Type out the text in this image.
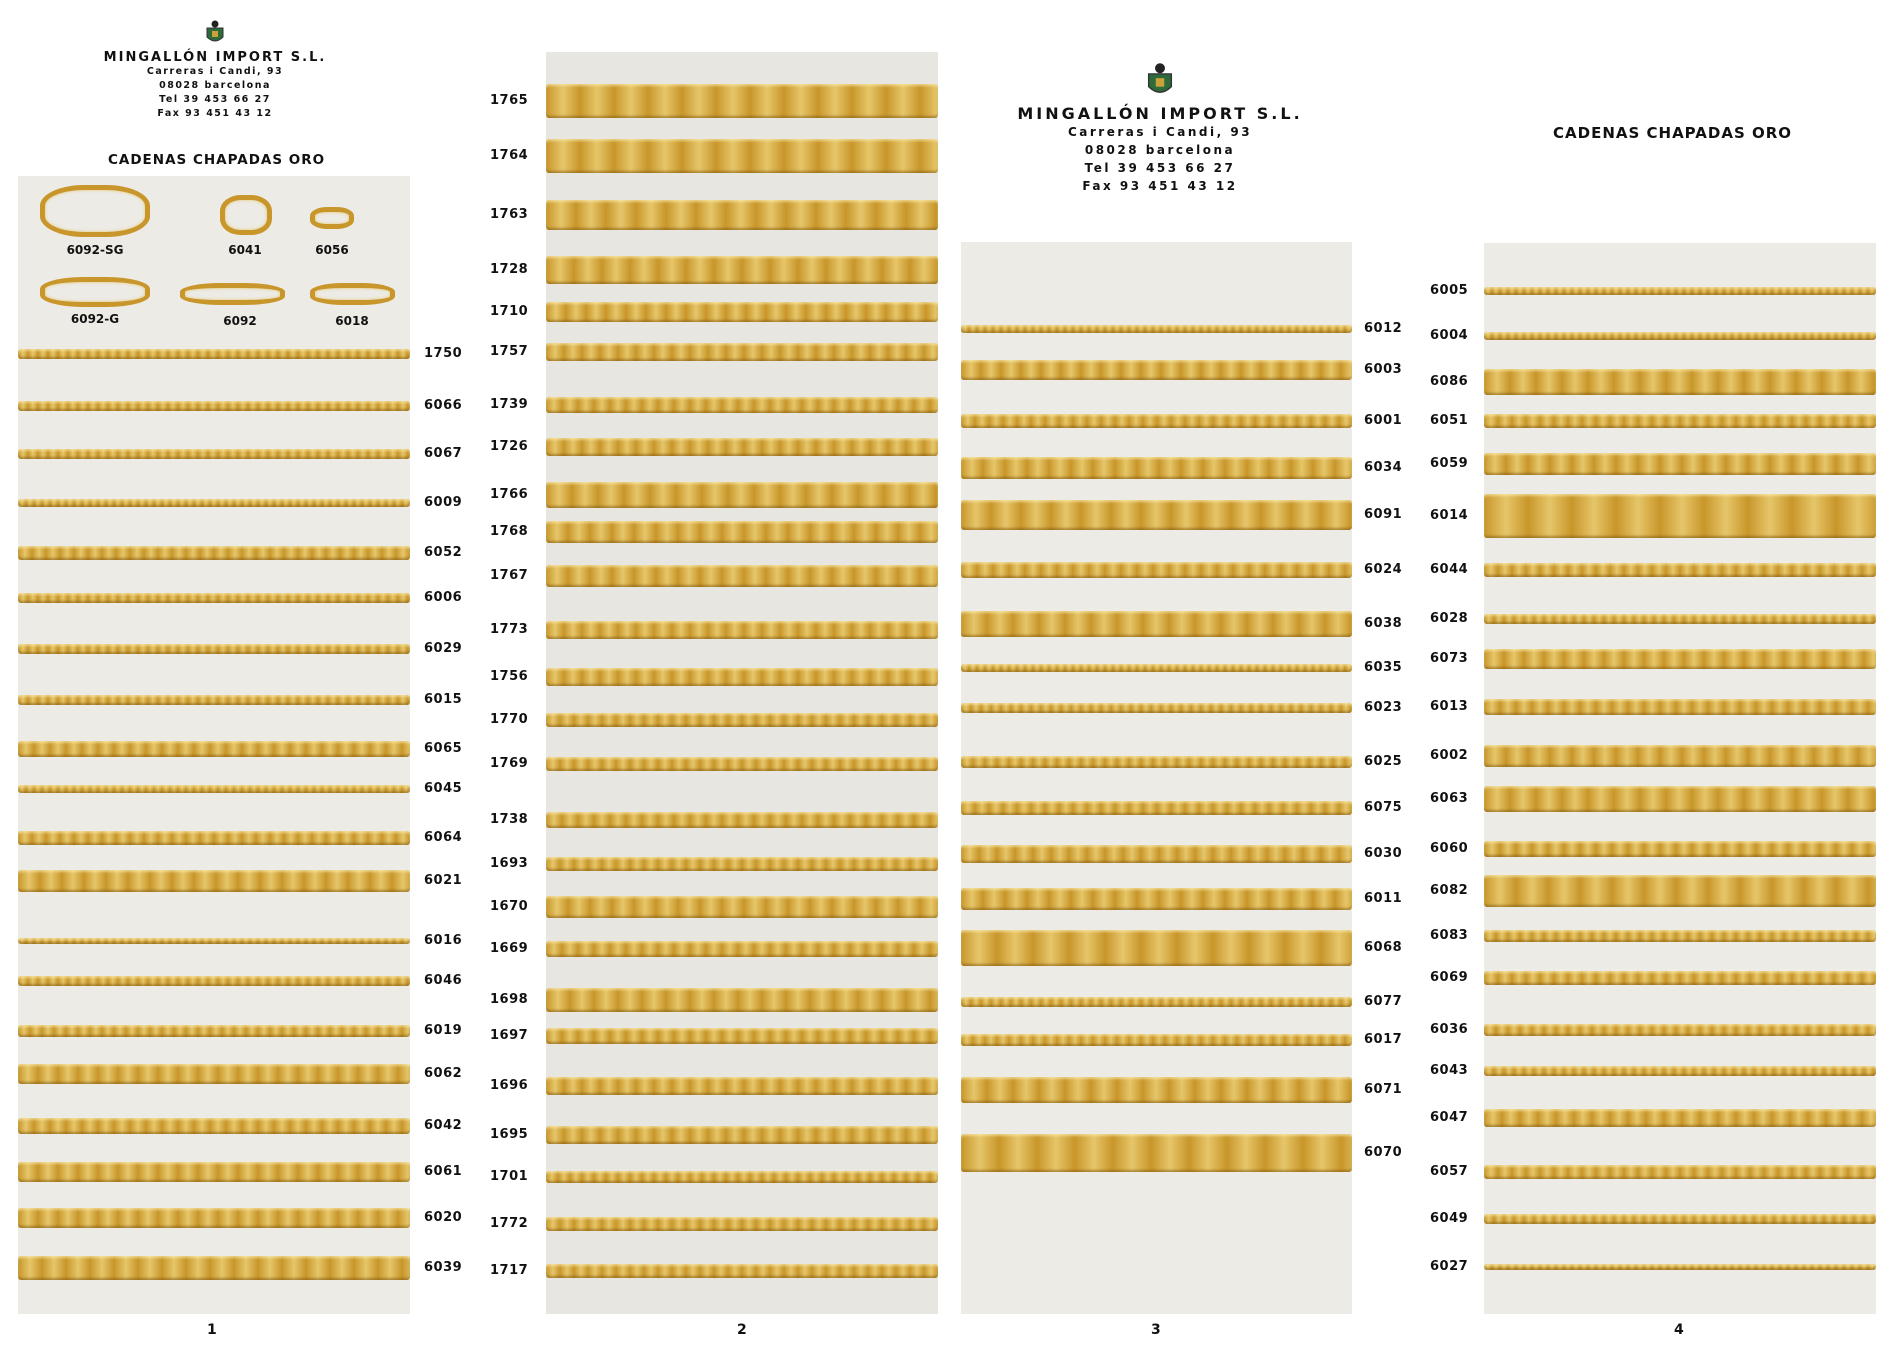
MINGALLÓN IMPORT S.L.
Carreras i Candi, 93
08028 barcelona
Tel 39 453 66 27
Fax 93 451 43 12
CADENAS CHAPADAS ORO
MINGALLÓN IMPORT S.L.
Carreras i Candi, 93
08028 barcelona
Tel 39 453 66 27
Fax 93 451 43 12
CADENAS CHAPADAS ORO
6092-SG	6041	6056
6092-G	6092	6018
1750
6066
6067
6009
6052
6006
6029
6015
6065
6045
6064
6021
6016
6046
6019
6062
6042
6061
6020
6039
1765
1764
1763
1728
1710
1757
1739
1726
1766
1768
1767
1773
1756
1770
1769
1738
1693
1670
1669
1698
1697
1696
1695
1701
1772
1717
6012
6003
6001
6034
6091
6024
6038
6035
6023
6025
6075
6030
6011
6068
6077
6017
6071
6070
6005
6004
6086
6051
6059
6014
6044
6028
6073
6013
6002
6063
6060
6082
6083
6069
6036
6043
6047
6057
6049
6027
1	2	3	4
